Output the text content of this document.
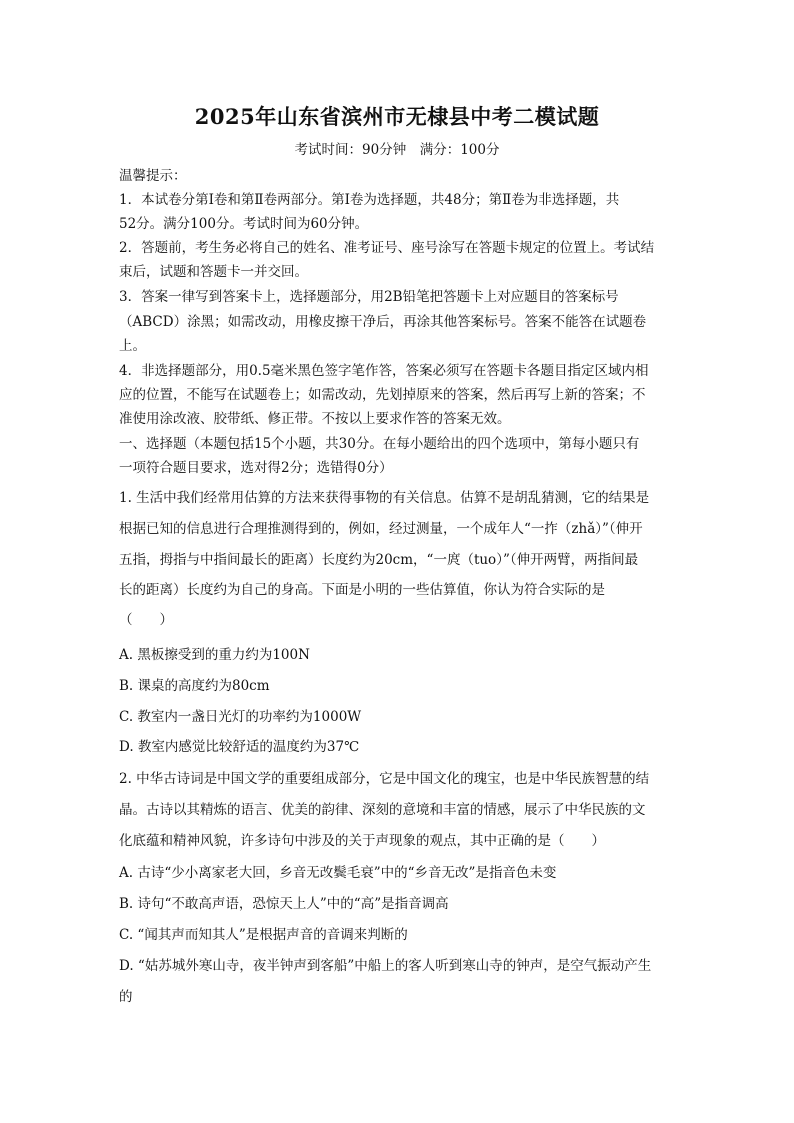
2025年山东省滨州市无棣县中考二模试题
考试时间：90分钟　满分：100分
温馨提示：
1．本试卷分第Ⅰ卷和第Ⅱ卷两部分。第Ⅰ卷为选择题，共48分；第Ⅱ卷为非选择题，共
52分。满分100分。考试时间为60分钟。
2．答题前，考生务必将自己的姓名、准考证号、座号涂写在答题卡规定的位置上。考试结
束后，试题和答题卡一并交回。
3．答案一律写到答案卡上，选择题部分，用2B铅笔把答题卡上对应题目的答案标号
（ABCD）涂黑；如需改动，用橡皮擦干净后，再涂其他答案标号。答案不能答在试题卷
上。
4．非选择题部分，用0.5毫米黑色签字笔作答，答案必须写在答题卡各题目指定区域内相
应的位置，不能写在试题卷上；如需改动，先划掉原来的答案，然后再写上新的答案；不
准使用涂改液、胶带纸、修正带。不按以上要求作答的答案无效。
一、选择题（本题包括15个小题，共30分。在每小题给出的四个选项中，第每小题只有
一项符合题目要求，选对得2分；选错得0分）
1. 生活中我们经常用估算的方法来获得事物的有关信息。估算不是胡乱猜测，它的结果是
根据已知的信息进行合理推测得到的，例如，经过测量，一个成年人“一拃（zhǎ）”（伸开
五指，拇指与中指间最长的距离）长度约为20cm，“一庹（tuo）”（伸开两臂，两指间最
长的距离）长度约为自己的身高。下面是小明的一些估算值，你认为符合实际的是
（　　）
A. 黑板擦受到的重力约为100N
B. 课桌的高度约为80cm
C. 教室内一盏日光灯的功率约为1000W
D. 教室内感觉比较舒适的温度约为37℃
2. 中华古诗词是中国文学的重要组成部分，它是中国文化的瑰宝，也是中华民族智慧的结
晶。古诗以其精炼的语言、优美的韵律、深刻的意境和丰富的情感，展示了中华民族的文
化底蕴和精神风貌，许多诗句中涉及的关于声现象的观点，其中正确的是（　　）
A. 古诗“少小离家老大回，乡音无改鬓毛衰”中的“乡音无改”是指音色未变
B. 诗句“不敢高声语，恐惊天上人”中的“高”是指音调高
C. “闻其声而知其人”是根据声音的音调来判断的
D. “姑苏城外寒山寺，夜半钟声到客船”中船上的客人听到寒山寺的钟声，是空气振动产生
的
